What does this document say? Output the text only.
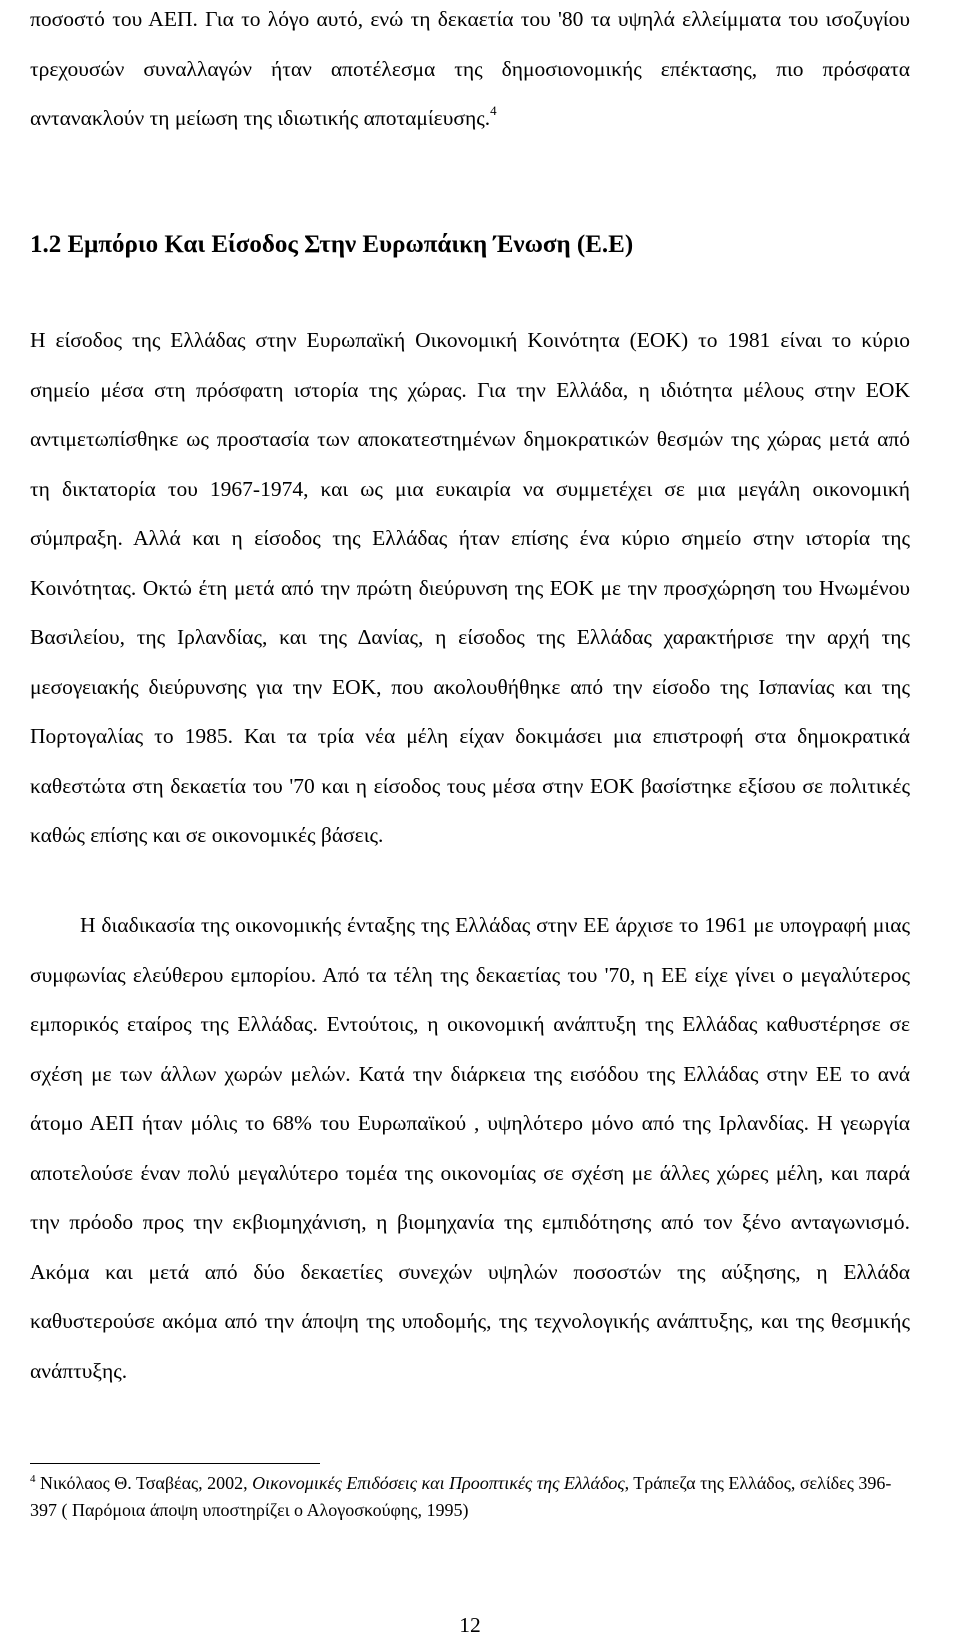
ποσοστό του ΑΕΠ. Για το λόγο αυτό, ενώ τη δεκαετία του '80 τα υψηλά ελλείμματα του ισοζυγίου τρεχουσών συναλλαγών ήταν αποτέλεσμα της δημοσιονομικής επέκτασης, πιο πρόσφατα αντανακλούν τη μείωση της ιδιωτικής αποταμίευσης.$^4$

1.2 Εμπόριο Και Είσοδος Στην Ευρωπάικη Ένωση (Ε.Ε)

Η είσοδος της Ελλάδας στην Ευρωπαϊκή Οικονομική Κοινότητα (ΕΟΚ) το 1981 είναι το κύριο σημείο μέσα στη πρόσφατη ιστορία της χώρας. Για την Ελλάδα, η ιδιότητα μέλους στην ΕΟΚ αντιμετωπίσθηκε ως προστασία των αποκατεστημένων δημοκρατικών θεσμών της χώρας μετά από τη δικτατορία του 1967-1974, και ως μια ευκαιρία να συμμετέχει σε μια μεγάλη οικονομική σύμπραξη. Αλλά και η είσοδος της Ελλάδας ήταν επίσης ένα κύριο σημείο στην ιστορία της Κοινότητας. Οκτώ έτη μετά από την πρώτη διεύρυνση της ΕΟΚ με την προσχώρηση του Ηνωμένου Βασιλείου, της Ιρλανδίας, και της Δανίας, η είσοδος της Ελλάδας χαρακτήρισε την αρχή της μεσογειακής διεύρυνσης για την ΕΟΚ, που ακολουθήθηκε από την είσοδο της Ισπανίας και της Πορτογαλίας το 1985. Και τα τρία νέα μέλη είχαν δοκιμάσει μια επιστροφή στα δημοκρατικά καθεστώτα στη δεκαετία του '70 και η είσοδος τους μέσα στην ΕΟΚ βασίστηκε εξίσου σε πολιτικές καθώς επίσης και σε οικονομικές βάσεις.

Η διαδικασία της οικονομικής ένταξης της Ελλάδας στην ΕΕ άρχισε το 1961 με υπογραφή μιας συμφωνίας ελεύθερου εμπορίου. Από τα τέλη της δεκαετίας του '70, η ΕΕ είχε γίνει ο μεγαλύτερος εμπορικός εταίρος της Ελλάδας. Εντούτοις, η οικονομική ανάπτυξη της Ελλάδας καθυστέρησε σε σχέση με των άλλων χωρών μελών. Κατά την διάρκεια της εισόδου της Ελλάδας στην ΕΕ το ανά άτομο ΑΕΠ ήταν μόλις το 68% του Ευρωπαϊκού , υψηλότερο μόνο από της Ιρλανδίας. Η γεωργία αποτελούσε έναν πολύ μεγαλύτερο τομέα της οικονομίας σε σχέση με άλλες χώρες μέλη, και παρά την πρόοδο προς την εκβιομηχάνιση, η βιομηχανία της εμπιδότησης από τον ξένο ανταγωνισμό. Ακόμα και μετά από δύο δεκαετίες συνεχών υψηλών ποσοστών της αύξησης, η Ελλάδα καθυστερούσε ακόμα από την άποψη της υποδομής, της τεχνολογικής ανάπτυξης, και της θεσμικής ανάπτυξης.

$^4$ Νικόλαος Θ. Τσαβέας, 2002, Οικονομικές Επιδόσεις και Προοπτικές της Ελλάδος, Τράπεζα της Ελλάδος, σελίδες 396-397 ( Παρόμοια άποψη υποστηρίζει ο Αλογοσκούφης, 1995)

12
